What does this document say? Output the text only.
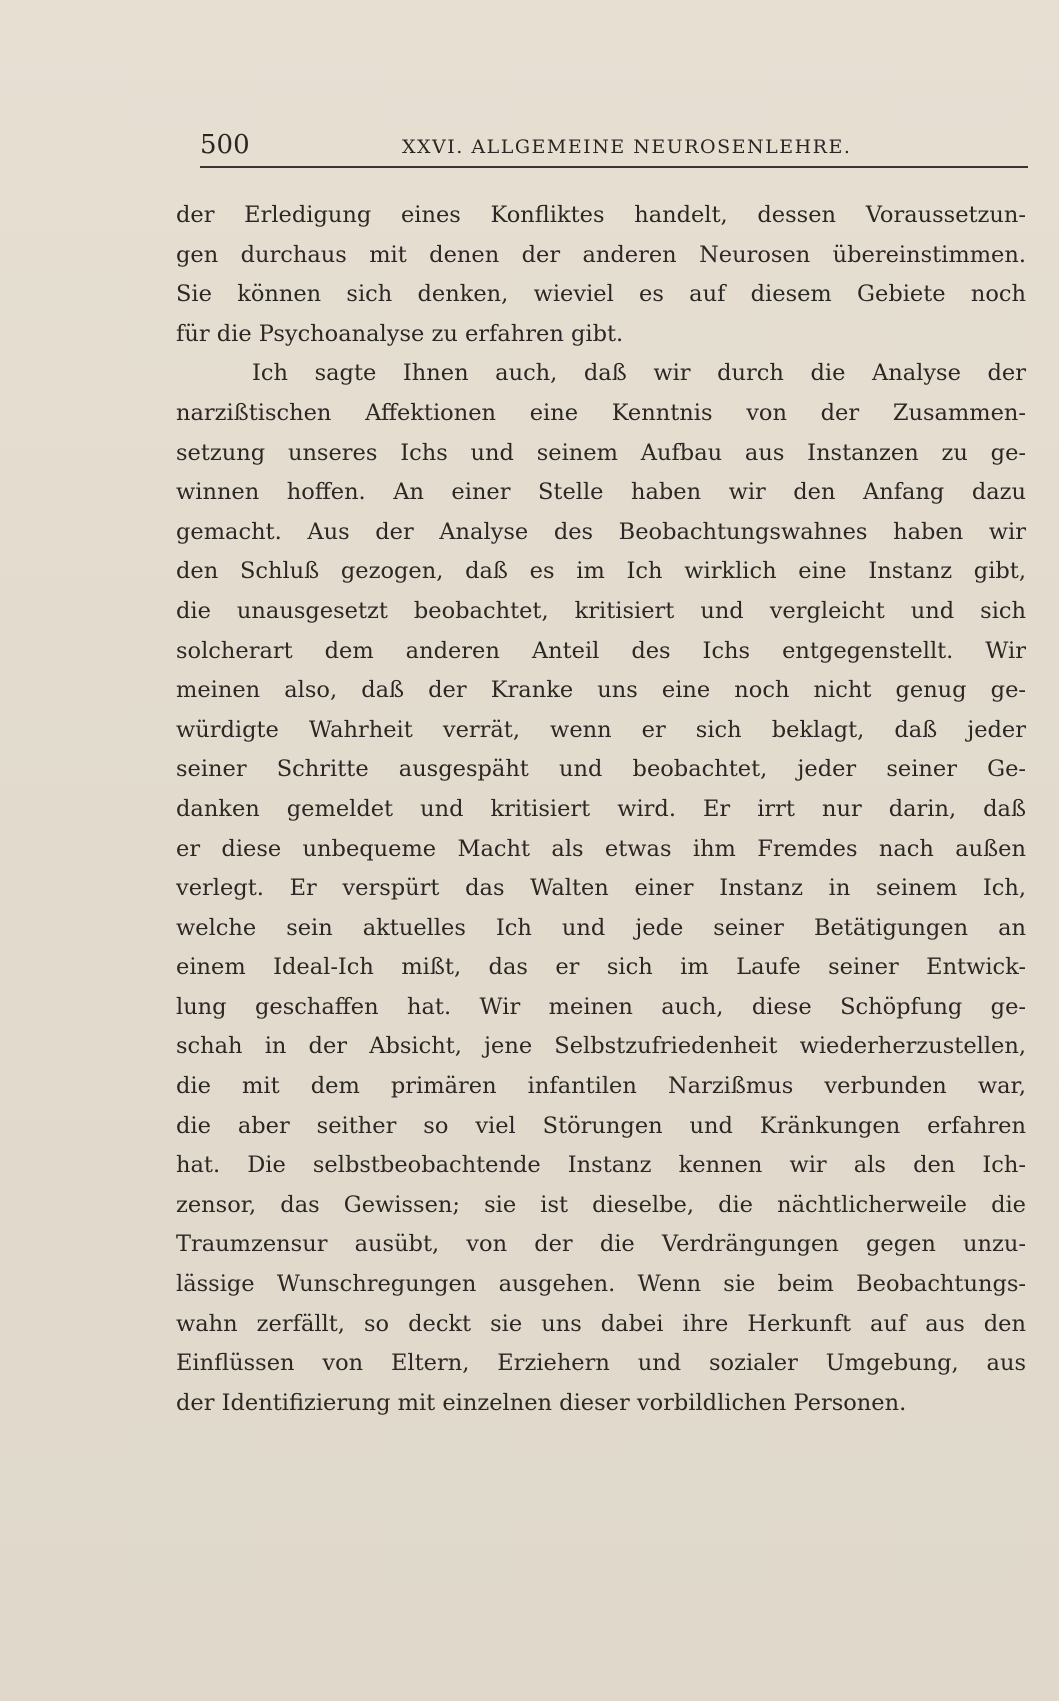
500	XXVI. ALLGEMEINE NEUROSENLEHRE.
der Erledigung eines Konfliktes handelt, dessen Voraussetzun-
gen durchaus mit denen der anderen Neurosen übereinstimmen.
Sie können sich denken, wieviel es auf diesem Gebiete noch
für die Psychoanalyse zu erfahren gibt.
Ich sagte Ihnen auch, daß wir durch die Analyse der
narzißtischen Affektionen eine Kenntnis von der Zusammen-
setzung unseres Ichs und seinem Aufbau aus Instanzen zu ge-
winnen hoffen. An einer Stelle haben wir den Anfang dazu
gemacht. Aus der Analyse des Beobachtungswahnes haben wir
den Schluß gezogen, daß es im Ich wirklich eine Instanz gibt,
die unausgesetzt beobachtet, kritisiert und vergleicht und sich
solcherart dem anderen Anteil des Ichs entgegenstellt. Wir
meinen also, daß der Kranke uns eine noch nicht genug ge-
würdigte Wahrheit verrät, wenn er sich beklagt, daß jeder
seiner Schritte ausgespäht und beobachtet, jeder seiner Ge-
danken gemeldet und kritisiert wird. Er irrt nur darin, daß
er diese unbequeme Macht als etwas ihm Fremdes nach außen
verlegt. Er verspürt das Walten einer Instanz in seinem Ich,
welche sein aktuelles Ich und jede seiner Betätigungen an
einem Ideal-Ich mißt, das er sich im Laufe seiner Entwick-
lung geschaffen hat. Wir meinen auch, diese Schöpfung ge-
schah in der Absicht, jene Selbstzufriedenheit wiederherzustellen,
die mit dem primären infantilen Narzißmus verbunden war,
die aber seither so viel Störungen und Kränkungen erfahren
hat. Die selbstbeobachtende Instanz kennen wir als den Ich-
zensor, das Gewissen; sie ist dieselbe, die nächtlicherweile die
Traumzensur ausübt, von der die Verdrängungen gegen unzu-
lässige Wunschregungen ausgehen. Wenn sie beim Beobachtungs-
wahn zerfällt, so deckt sie uns dabei ihre Herkunft auf aus den
Einflüssen von Eltern, Erziehern und sozialer Umgebung, aus
der Identifizierung mit einzelnen dieser vorbildlichen Personen.
